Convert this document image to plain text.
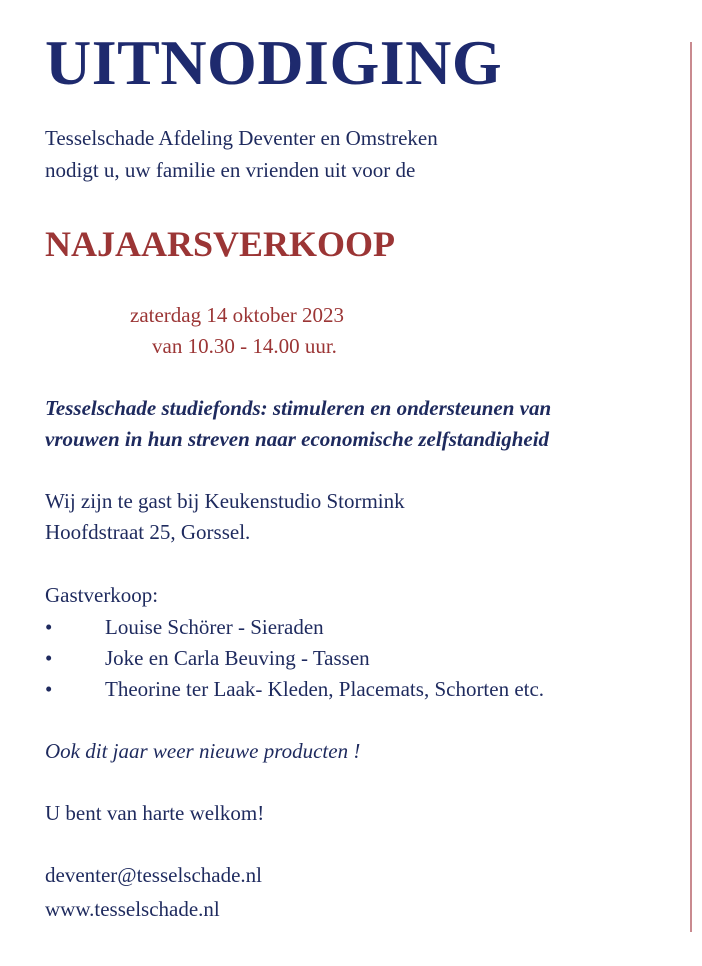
UITNODIGING

Tesselschade Afdeling Deventer en Omstreken

nodigt u, uw familie en vrienden uit voor de

NAJAARSVERKOOP

zaterdag 14 oktober 2023

van 10.30 - 14.00 uur.

Tesselschade studiefonds: stimuleren en ondersteunen van

vrouwen in hun streven naar economische zelfstandigheid

Wij zijn te gast bij Keukenstudio Stormink

Hoofdstraat 25, Gorssel.

Gastverkoop:

•	Louise Schörer - Sieraden
•	Joke en Carla Beuving - Tassen
•	Theorine ter Laak- Kleden, Placemats, Schorten etc.

Ook dit jaar weer nieuwe producten !

U bent van harte welkom!

deventer@tesselschade.nl

www.tesselschade.nl
